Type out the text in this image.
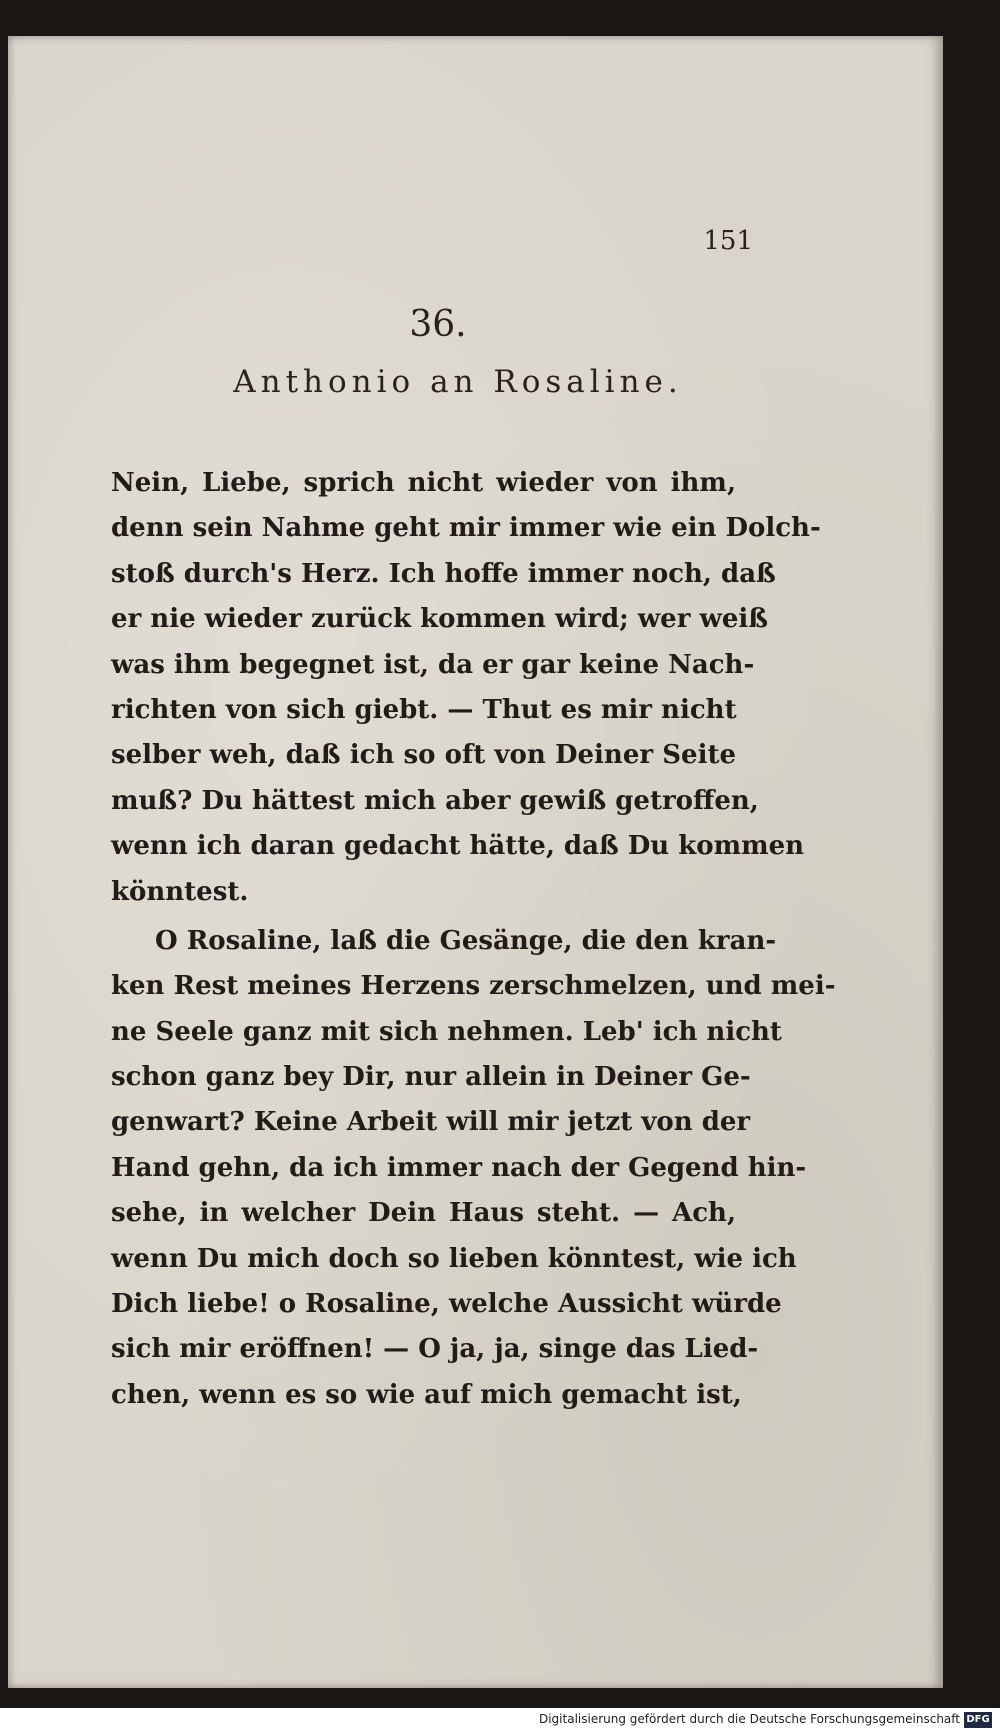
151
36.
Anthonio an Rosaline.
Nein, Liebe, sprich nicht wieder von ihm,
denn sein Nahme geht mir immer wie ein Dolch-
stoß durch's Herz. Ich hoffe immer noch, daß
er nie wieder zurück kommen wird; wer weiß
was ihm begegnet ist, da er gar keine Nach-
richten von sich giebt. — Thut es mir nicht
selber weh, daß ich so oft von Deiner Seite
muß? Du hättest mich aber gewiß getroffen,
wenn ich daran gedacht hätte, daß Du kommen
könntest.
O Rosaline, laß die Gesänge, die den kran-
ken Rest meines Herzens zerschmelzen, und mei-
ne Seele ganz mit sich nehmen. Leb' ich nicht
schon ganz bey Dir, nur allein in Deiner Ge-
genwart? Keine Arbeit will mir jetzt von der
Hand gehn, da ich immer nach der Gegend hin-
sehe, in welcher Dein Haus steht. — Ach,
wenn Du mich doch so lieben könntest, wie ich
Dich liebe! o Rosaline, welche Aussicht würde
sich mir eröffnen! — O ja, ja, singe das Lied-
chen, wenn es so wie auf mich gemacht ist,
Digitalisierung gefördert durch die Deutsche Forschungsgemeinschaft DFG
